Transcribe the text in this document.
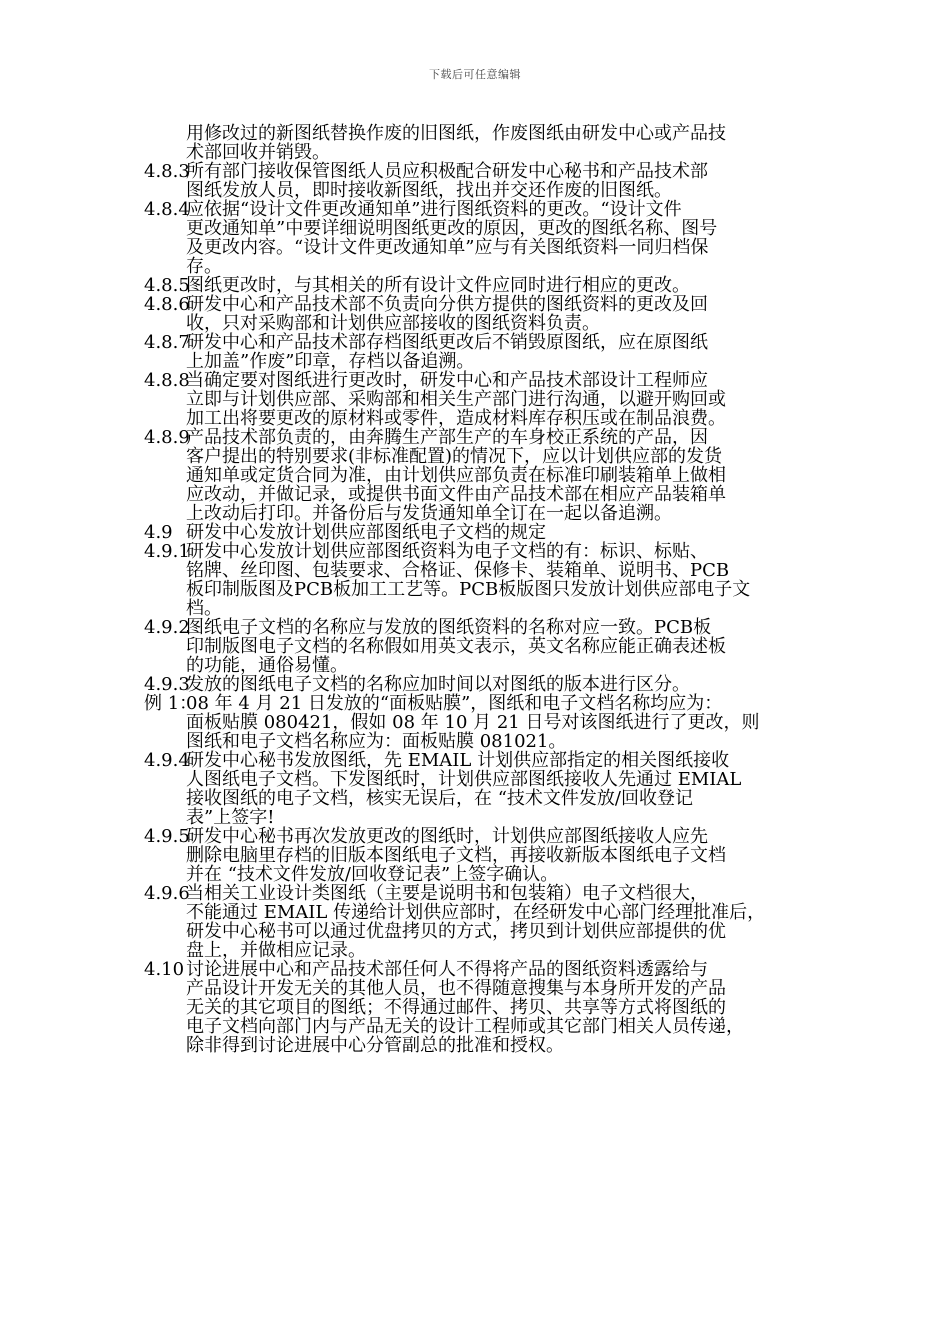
下载后可任意编辑
用修改过的新图纸替换作废的旧图纸，作废图纸由研发中心或产品技
术部回收并销毁。
4.8.3
所有部门接收保管图纸人员应积极配合研发中心秘书和产品技术部
图纸发放人员，即时接收新图纸，找出并交还作废的旧图纸。
4.8.4
应依据“设计文件更改通知单”进行图纸资料的更改。“设计文件
更改通知单”中要详细说明图纸更改的原因，更改的图纸名称、图号
及更改内容。“设计文件更改通知单”应与有关图纸资料一同归档保
存。
4.8.5
图纸更改时，与其相关的所有设计文件应同时进行相应的更改。
4.8.6
研发中心和产品技术部不负责向分供方提供的图纸资料的更改及回
收，只对采购部和计划供应部接收的图纸资料负责。
4.8.7
研发中心和产品技术部存档图纸更改后不销毁原图纸，应在原图纸
上加盖”作废”印章，存档以备追溯。
4.8.8
当确定要对图纸进行更改时，研发中心和产品技术部设计工程师应
立即与计划供应部、采购部和相关生产部门进行沟通，以避开购回或
加工出将要更改的原材料或零件，造成材料库存积压或在制品浪费。
4.8.9
产品技术部负责的，由奔腾生产部生产的车身校正系统的产品，因
客户提出的特别要求(非标准配置)的情况下，应以计划供应部的发货
通知单或定货合同为准，由计划供应部负责在标准印刷装箱单上做相
应改动，并做记录，或提供书面文件由产品技术部在相应产品装箱单
上改动后打印。并备份后与发货通知单全订在一起以备追溯。
4.9 研发中心发放计划供应部图纸电子文档的规定
4.9.1
研发中心发放计划供应部图纸资料为电子文档的有：标识、标贴、
铭牌、丝印图、包装要求、合格证、保修卡、装箱单、说明书、PCB
板印制版图及PCB板加工工艺等。PCB板版图只发放计划供应部电子文
档。
4.9.2
图纸电子文档的名称应与发放的图纸资料的名称对应一致。PCB板
印制版图电子文档的名称假如用英文表示，英文名称应能正确表述板
的功能，通俗易懂。
4.9.3
发放的图纸电子文档的名称应加时间以对图纸的版本进行区分。
例 1：
08 年 4 月 21 日发放的“面板贴膜”，图纸和电子文档名称均应为：
面板贴膜 080421，假如 08 年 10 月 21 日号对该图纸进行了更改，则
图纸和电子文档名称应为：面板贴膜 081021。
4.9.4
研发中心秘书发放图纸，先 EMAIL 计划供应部指定的相关图纸接收
人图纸电子文档。下发图纸时，计划供应部图纸接收人先通过 EMIAL
接收图纸的电子文档，核实无误后，在 “技术文件发放/回收登记
表”上签字!
4.9.5
研发中心秘书再次发放更改的图纸时，计划供应部图纸接收人应先
删除电脑里存档的旧版本图纸电子文档，再接收新版本图纸电子文档
并在 “技术文件发放/回收登记表”上签字确认。
4.9.6
当相关工业设计类图纸（主要是说明书和包装箱）电子文档很大，
不能通过 EMAIL 传递给计划供应部时，在经研发中心部门经理批准后，
研发中心秘书可以通过优盘拷贝的方式，拷贝到计划供应部提供的优
盘上，并做相应记录。
4.10 讨论进展中心和产品技术部任何人不得将产品的图纸资料透露给与
产品设计开发无关的其他人员，也不得随意搜集与本身所开发的产品
无关的其它项目的图纸；不得通过邮件、拷贝、共享等方式将图纸的
电子文档向部门内与产品无关的设计工程师或其它部门相关人员传递，
除非得到讨论进展中心分管副总的批准和授权。
